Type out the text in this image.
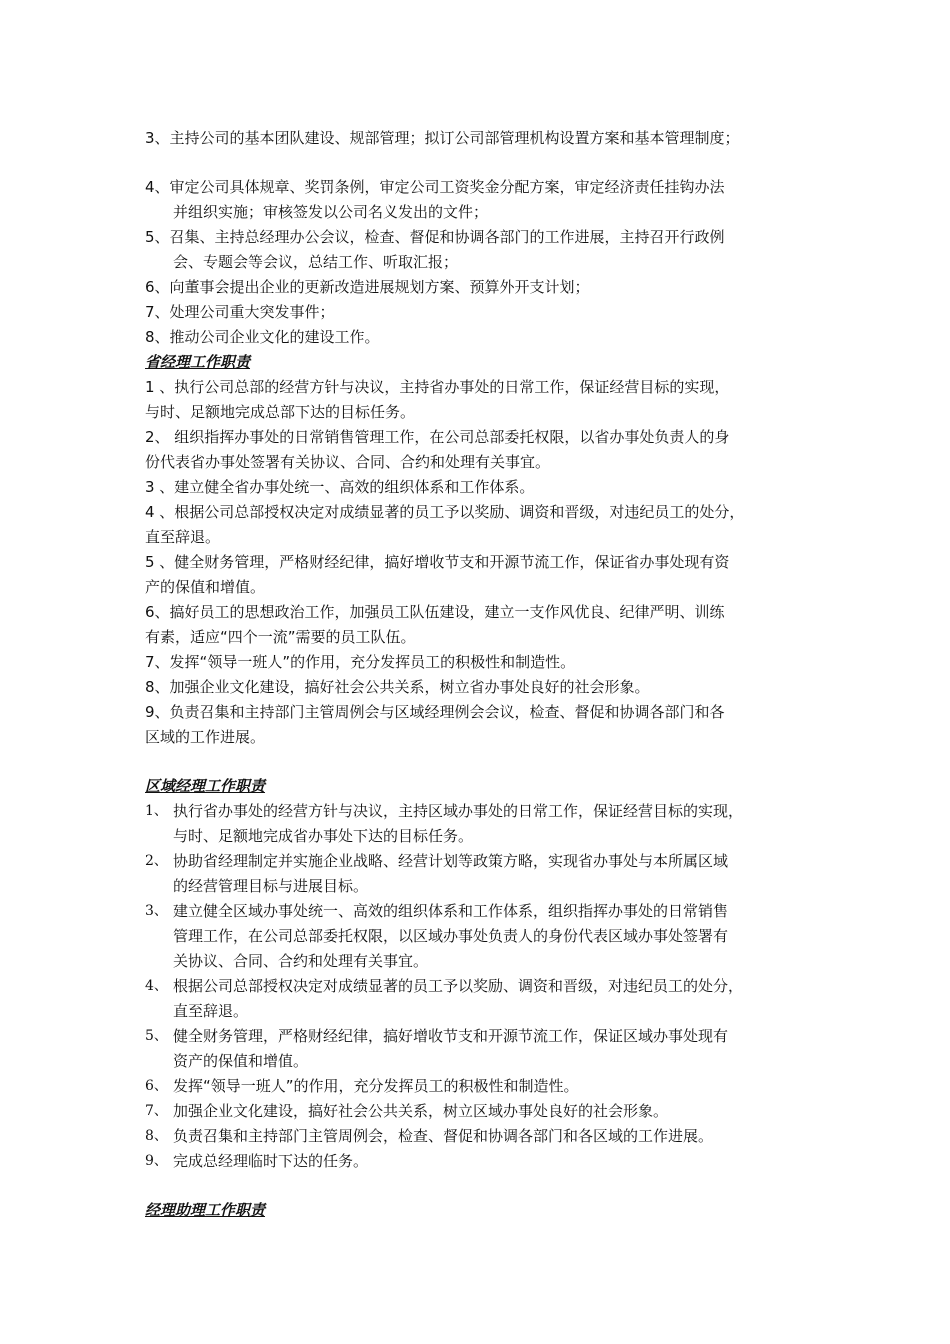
3、主持公司的基本团队建设、规部管理；拟订公司部管理机构设置方案和基本管理制度；
4、审定公司具体规章、奖罚条例，审定公司工资奖金分配方案，审定经济责任挂钩办法
并组织实施；审核签发以公司名义发出的文件；
5、召集、主持总经理办公会议，检查、督促和协调各部门的工作进展，主持召开行政例
会、专题会等会议，总结工作、听取汇报；
6、向董事会提出企业的更新改造进展规划方案、预算外开支计划；
7、处理公司重大突发事件；
8、推动公司企业文化的建设工作。
省经理工作职责
1 、执行公司总部的经营方针与决议，主持省办事处的日常工作，保证经营目标的实现，
与时、足额地完成总部下达的目标任务。
2、 组织指挥办事处的日常销售管理工作，在公司总部委托权限，以省办事处负责人的身
份代表省办事处签署有关协议、合同、合约和处理有关事宜。
3 、建立健全省办事处统一、高效的组织体系和工作体系。
4 、根据公司总部授权决定对成绩显著的员工予以奖励、调资和晋级，对违纪员工的处分，
直至辞退。
5 、健全财务管理，严格财经纪律，搞好增收节支和开源节流工作，保证省办事处现有资
产的保值和增值。
6、搞好员工的思想政治工作，加强员工队伍建设，建立一支作风优良、纪律严明、训练
有素，适应“四个一流”需要的员工队伍。
7、发挥“领导一班人”的作用，充分发挥员工的积极性和制造性。
8、加强企业文化建设，搞好社会公共关系，树立省办事处良好的社会形象。
9、负责召集和主持部门主管周例会与区域经理例会会议，检查、督促和协调各部门和各
区域的工作进展。
区域经理工作职责
1、 执行省办事处的经营方针与决议，主持区域办事处的日常工作，保证经营目标的实现，
与时、足额地完成省办事处下达的目标任务。
2、 协助省经理制定并实施企业战略、经营计划等政策方略，实现省办事处与本所属区域
的经营管理目标与进展目标。
3、 建立健全区域办事处统一、高效的组织体系和工作体系，组织指挥办事处的日常销售
管理工作，在公司总部委托权限，以区域办事处负责人的身份代表区域办事处签署有
关协议、合同、合约和处理有关事宜。
4、 根据公司总部授权决定对成绩显著的员工予以奖励、调资和晋级，对违纪员工的处分，
直至辞退。
5、 健全财务管理，严格财经纪律，搞好增收节支和开源节流工作，保证区域办事处现有
资产的保值和增值。
6、 发挥“领导一班人”的作用，充分发挥员工的积极性和制造性。
7、 加强企业文化建设，搞好社会公共关系，树立区域办事处良好的社会形象。
8、 负责召集和主持部门主管周例会，检查、督促和协调各部门和各区域的工作进展。
9、 完成总经理临时下达的任务。
经理助理工作职责
